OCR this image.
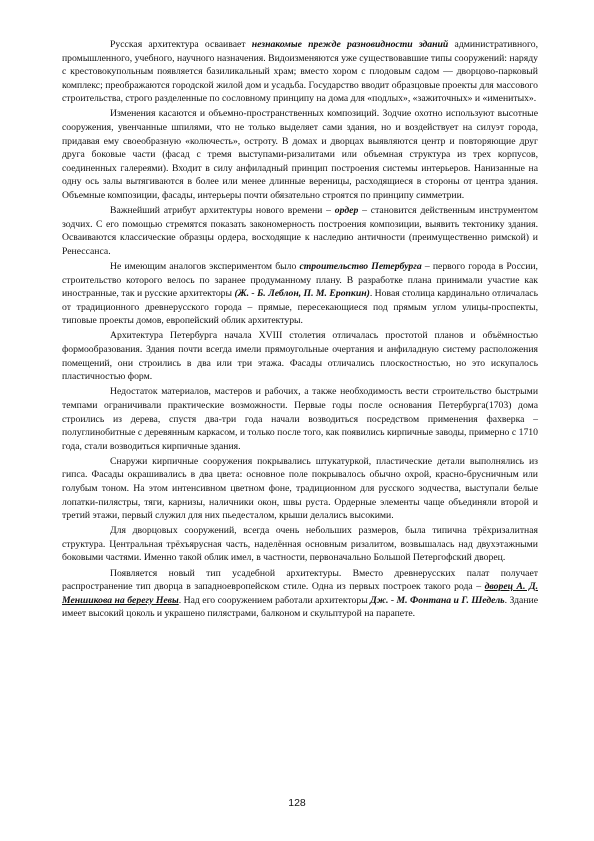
Русская архитектура осваивает незнакомые прежде разновидности зданий административного, промышленного, учебного, научного назначения. Видоизменяются уже существовавшие типы сооружений: наряду с крестовокупольным появляется базиликальный храм; вместо хором с плодовым садом — дворцово-парковый комплекс; преображаются городской жилой дом и усадьба. Государство вводит образцовые проекты для массового строительства, строго разделенные по сословному принципу на дома для «подлых», «зажиточных» и «именитых».

Изменения касаются и объемно-пространственных композиций. Зодчие охотно используют высотные сооружения, увенчанные шпилями, что не только выделяет сами здания, но и воздействует на силуэт города, придавая ему своеобразную «колючесть», остроту. В домах и дворцах выявляются центр и повторяющие друг друга боковые части (фасад с тремя выступами-ризалитами или объемная структура из трех корпусов, соединенных галереями). Входит в силу анфиладный принцип построения системы интерьеров. Нанизанные на одну ось залы вытягиваются в более или менее длинные вереницы, расходящиеся в стороны от центра здания. Объемные композиции, фасады, интерьеры почти обязательно строятся по принципу симметрии.

Важнейший атрибут архитектуры нового времени – ордер – становится действенным инструментом зодчих. С его помощью стремятся показать закономерность построения композиции, выявить тектонику здания. Осваиваются классические образцы ордера, восходящие к наследию античности (преимущественно римской) и Ренессанса.

Не имеющим аналогов экспериментом было строительство Петербурга – первого города в России, строительство которого велось по заранее продуманному плану. В разработке плана принимали участие как иностранные, так и русские архитекторы (Ж. - Б. Леблон, П. М. Еропкин). Новая столица кардинально отличалась от традиционного древнерусского города – прямые, пересекающиеся под прямым углом улицы-проспекты, типовые проекты домов, европейский облик архитектуры.

Архитектура Петербурга начала XVIII столетия отличалась простотой планов и объёмностью формообразования. Здания почти всегда имели прямоугольные очертания и анфиладную систему расположения помещений, они строились в два или три этажа. Фасады отличались плоскостностью, но это искупалось пластичностью форм.

Недостаток материалов, мастеров и рабочих, а также необходимость вести строительство быстрыми темпами ограничивали практические возможности. Первые годы после основания Петербурга(1703) дома строились из дерева, спустя два-три года начали возводиться посредством применения фахверка – полуглинобитные с деревянным каркасом, и только после того, как появились кирпичные заводы, примерно с 1710 года, стали возводиться кирпичные здания.

Снаружи кирпичные сооружения покрывались штукатуркой, пластические детали выполнялись из гипса. Фасады окрашивались в два цвета: основное поле покрывалось обычно охрой, красно-брусничным или голубым тоном. На этом интенсивном цветном фоне, традиционном для русского зодчества, выступали белые лопатки-пилястры, тяги, карнизы, наличники окон, швы руста. Ордерные элементы чаще объединяли второй и третий этажи, первый служил для них пьедесталом, крыши делались высокими.

Для дворцовых сооружений, всегда очень небольших размеров, была типична трёхризалитная структура. Центральная трёхъярусная часть, наделённая основным ризалитом, возвышалась над двухэтажными боковыми частями. Именно такой облик имел, в частности, первоначально Большой Петергофский дворец.

Появляется новый тип усадебной архитектуры. Вместо древнерусских палат получает распространение тип дворца в западноевропейском стиле. Одна из первых построек такого рода – дворец А. Д. Меншикова на берегу Невы. Над его сооружением работали архитекторы Дж. - М. Фонтана и Г. Шедель. Здание имеет высокий цоколь и украшено пилястрами, балконом и скульптурой на парапете.

128
